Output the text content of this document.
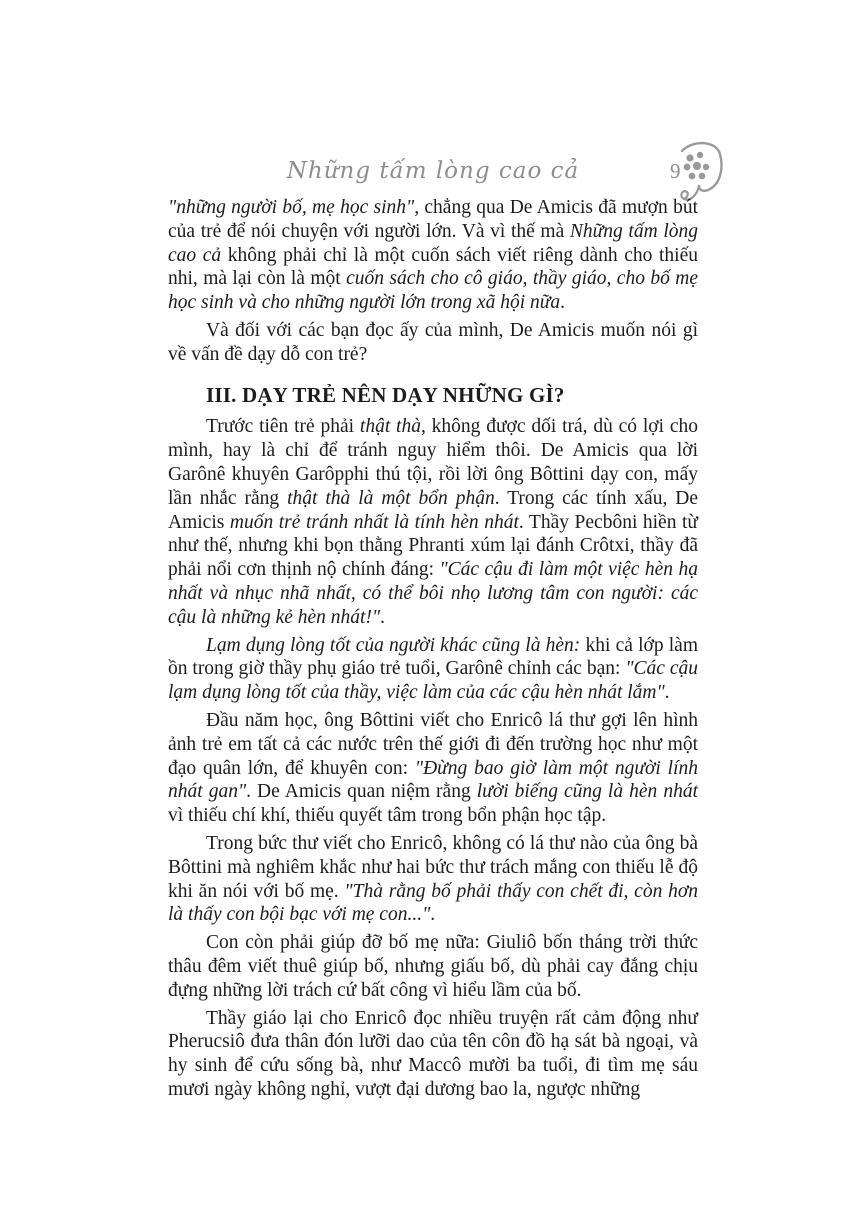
Những tấm lòng cao cả	9

"những người bố, mẹ học sinh", chẳng qua De Amicis đã mượn bút của trẻ để nói chuyện với người lớn. Và vì thế mà Những tấm lòng cao cả không phải chỉ là một cuốn sách viết riêng dành cho thiếu nhi, mà lại còn là một cuốn sách cho cô giáo, thầy giáo, cho bố mẹ học sinh và cho những người lớn trong xã hội nữa.

Và đối với các bạn đọc ấy của mình, De Amicis muốn nói gì về vấn đề dạy dỗ con trẻ?

III. DẠY TRẺ NÊN DẠY NHỮNG GÌ?

Trước tiên trẻ phải thật thà, không được dối trá, dù có lợi cho mình, hay là chỉ để tránh nguy hiểm thôi. De Amicis qua lời Garônê khuyên Garôpphi thú tội, rồi lời ông Bôttini dạy con, mấy lần nhắc rằng thật thà là một bổn phận. Trong các tính xấu, De Amicis muốn trẻ tránh nhất là tính hèn nhát. Thầy Pecbôni hiền từ như thế, nhưng khi bọn thằng Phranti xúm lại đánh Crôtxi, thầy đã phải nổi cơn thịnh nộ chính đáng: "Các cậu đi làm một việc hèn hạ nhất và nhục nhã nhất, có thể bôi nhọ lương tâm con người: các cậu là những kẻ hèn nhát!".

Lạm dụng lòng tốt của người khác cũng là hèn: khi cả lớp làm ồn trong giờ thầy phụ giáo trẻ tuổi, Garônê chỉnh các bạn: "Các cậu lạm dụng lòng tốt của thầy, việc làm của các cậu hèn nhát lắm".

Đầu năm học, ông Bôttini viết cho Enricô lá thư gợi lên hình ảnh trẻ em tất cả các nước trên thế giới đi đến trường học như một đạo quân lớn, để khuyên con: "Đừng bao giờ làm một người lính nhát gan". De Amicis quan niệm rằng lười biếng cũng là hèn nhát vì thiếu chí khí, thiếu quyết tâm trong bổn phận học tập.

Trong bức thư viết cho Enricô, không có lá thư nào của ông bà Bôttini mà nghiêm khắc như hai bức thư trách mắng con thiếu lễ độ khi ăn nói với bố mẹ. "Thà rằng bố phải thấy con chết đi, còn hơn là thấy con bội bạc với mẹ con...".

Con còn phải giúp đỡ bố mẹ nữa: Giuliô bốn tháng trời thức thâu đêm viết thuê giúp bố, nhưng giấu bố, dù phải cay đắng chịu đựng những lời trách cứ bất công vì hiểu lầm của bố.

Thầy giáo lại cho Enricô đọc nhiều truyện rất cảm động như Pherucsiô đưa thân đón lưỡi dao của tên côn đồ hạ sát bà ngoại, và hy sinh để cứu sống bà, như Maccô mười ba tuổi, đi tìm mẹ sáu mươi ngày không nghỉ, vượt đại dương bao la, ngược những
